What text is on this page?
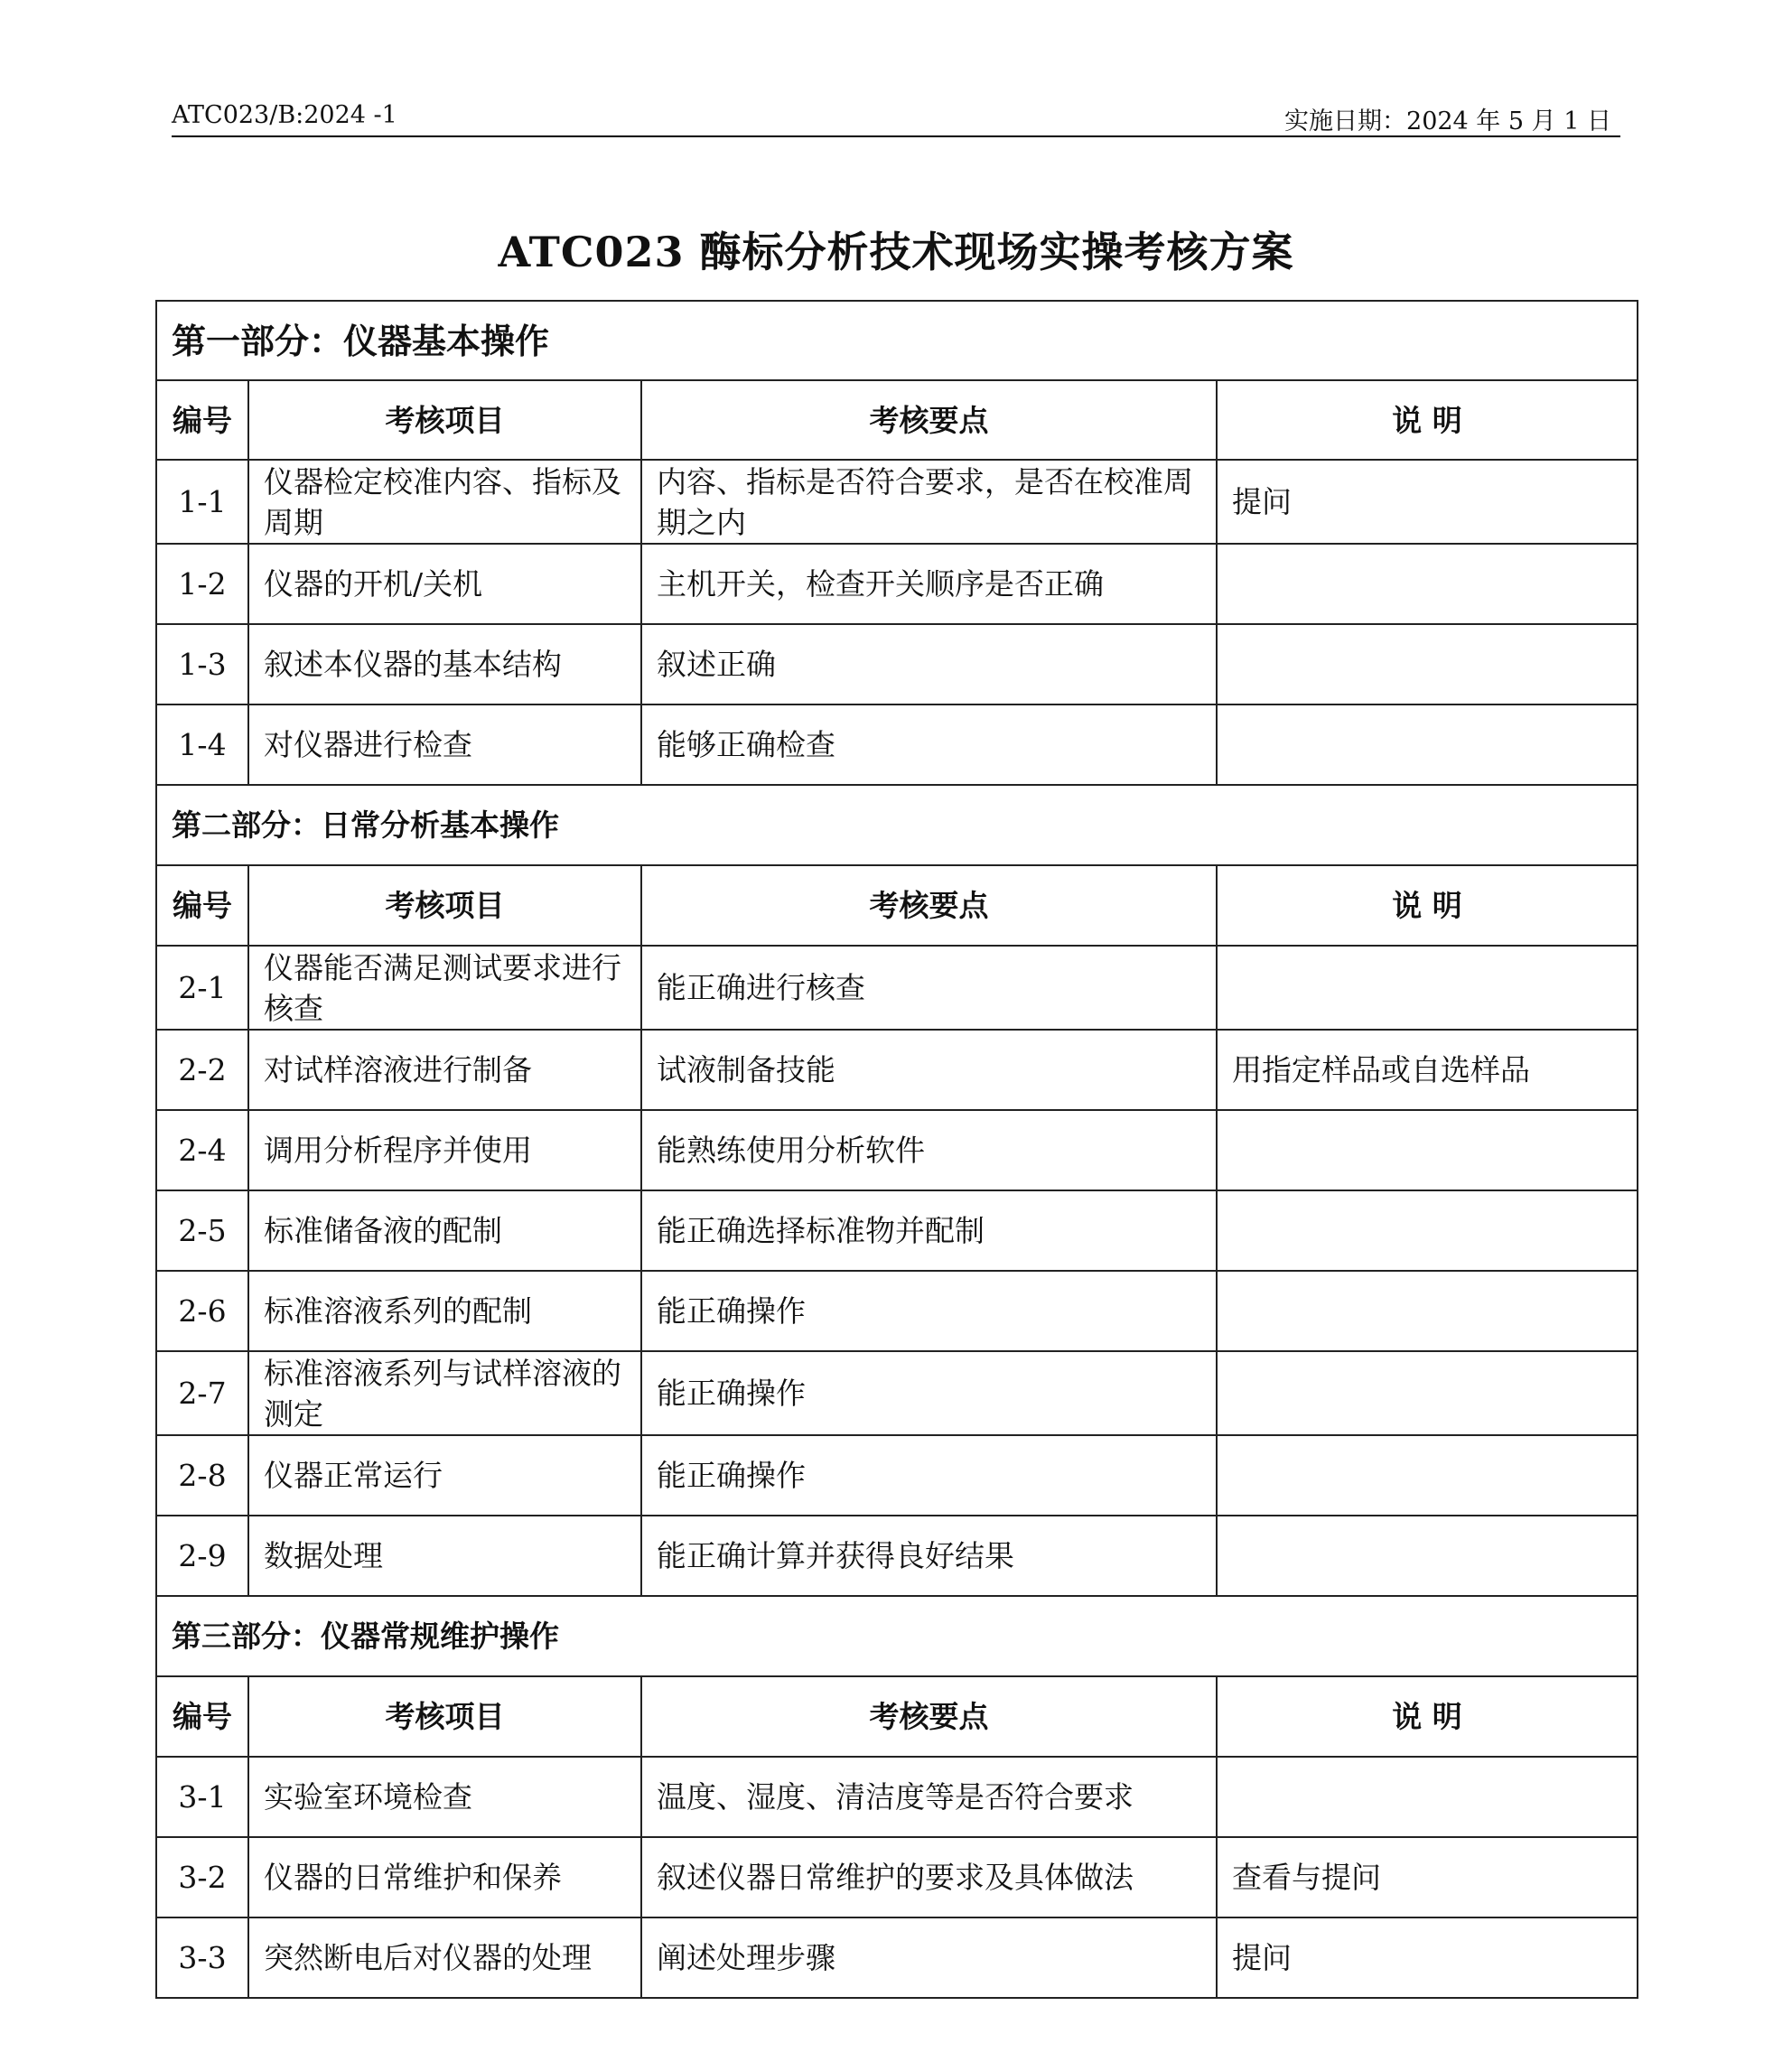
ATC023/B:2024 -1	实施日期：2024 年 5 月 1 日
ATC023 酶标分析技术现场实操考核方案
第一部分：仪器基本操作			
编号	考核项目	考核要点	说 明
1-1	仪器检定校准内容、指标及周期	内容、指标是否符合要求，是否在校准周期之内	提问
1-2	仪器的开机/关机	主机开关，检查开关顺序是否正确	
1-3	叙述本仪器的基本结构	叙述正确	
1-4	对仪器进行检查	能够正确检查	
第二部分：日常分析基本操作			
编号	考核项目	考核要点	说 明
2-1	仪器能否满足测试要求进行核查	能正确进行核查	
2-2	对试样溶液进行制备	试液制备技能	用指定样品或自选样品
2-4	调用分析程序并使用	能熟练使用分析软件	
2-5	标准储备液的配制	能正确选择标准物并配制	
2-6	标准溶液系列的配制	能正确操作	
2-7	标准溶液系列与试样溶液的测定	能正确操作	
2-8	仪器正常运行	能正确操作	
2-9	数据处理	能正确计算并获得良好结果	
第三部分：仪器常规维护操作			
编号	考核项目	考核要点	说 明
3-1	实验室环境检查	温度、湿度、清洁度等是否符合要求	
3-2	仪器的日常维护和保养	叙述仪器日常维护的要求及具体做法	查看与提问
3-3	突然断电后对仪器的处理	阐述处理步骤	提问
